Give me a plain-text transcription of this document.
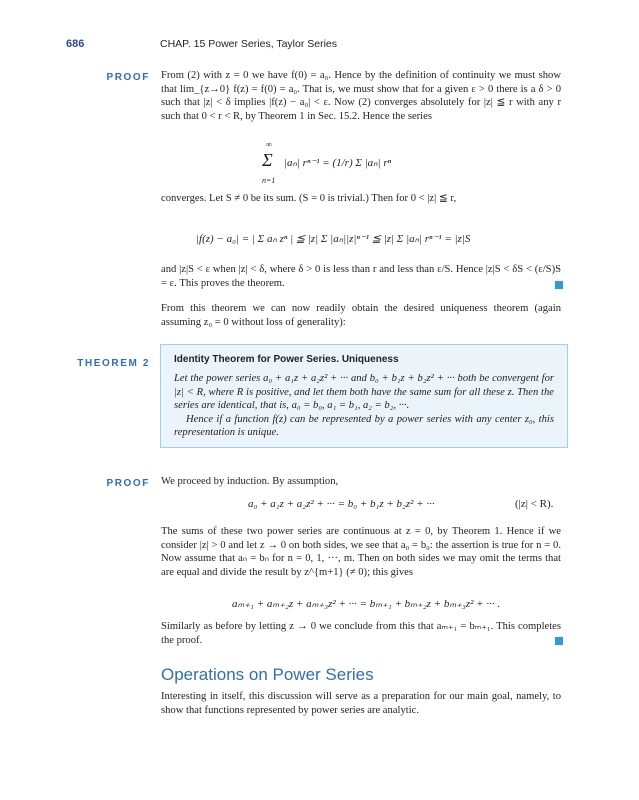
686	CHAP. 15 Power Series, Taylor Series
PROOF From (2) with z = 0 we have f(0) = a₀. Hence by the definition of continuity we must show that lim_{z→0} f(z) = f(0) = a₀. That is, we must show that for a given ε > 0 there is a δ > 0 such that |z| < δ implies |f(z) − a₀| < ε. Now (2) converges absolutely for |z| ≦ r with any r such that 0 < r < R, by Theorem 1 in Sec. 15.2. Hence the series
Σ
∞
n=1
|aₙ| rⁿ⁻¹ = (1/r) Σ |aₙ| rⁿ
converges. Let S ≠ 0 be its sum. (S = 0 is trivial.) Then for 0 < |z| ≦ r,
|f(z) − a₀| = | Σ aₙ zⁿ | ≦ |z| Σ |aₙ||z|ⁿ⁻¹ ≦ |z| Σ |aₙ| rⁿ⁻¹ = |z|S
and |z|S < ε when |z| < δ, where δ > 0 is less than r and less than ε/S. Hence |z|S < δS < (ε/S)S = ε. This proves the theorem.
From this theorem we can now readily obtain the desired uniqueness theorem (again assuming z₀ = 0 without loss of generality):
THEOREM 2 Identity Theorem for Power Series. Uniqueness
Let the power series a₀ + a₁z + a₂z² + ··· and b₀ + b₁z + b₂z² + ··· both be convergent for |z| < R, where R is positive, and let them both have the same sum for all these z. Then the series are identical, that is, a₀ = b₀, a₁ = b₁, a₂ = b₂, ···.
Hence if a function f(z) can be represented by a power series with any center z₀, this representation is unique.
PROOF We proceed by induction. By assumption,
a₀ + a₁z + a₂z² + ··· = b₀ + b₁z + b₂z² + ···	(|z| < R).
The sums of these two power series are continuous at z = 0, by Theorem 1. Hence if we consider |z| > 0 and let z → 0 on both sides, we see that a₀ = b₀: the assertion is true for n = 0. Now assume that aₙ = bₙ for n = 0, 1, ···, m. Then on both sides we may omit the terms that are equal and divide the result by z^{m+1} (≠ 0); this gives
aₘ₊₁ + aₘ₊₂z + aₘ₊₃z² + ··· = bₘ₊₁ + bₘ₊₂z + bₘ₊₃z² + ··· .
Similarly as before by letting z → 0 we conclude from this that aₘ₊₁ = bₘ₊₁. This completes the proof.
Operations on Power Series
Interesting in itself, this discussion will serve as a preparation for our main goal, namely, to show that functions represented by power series are analytic.
